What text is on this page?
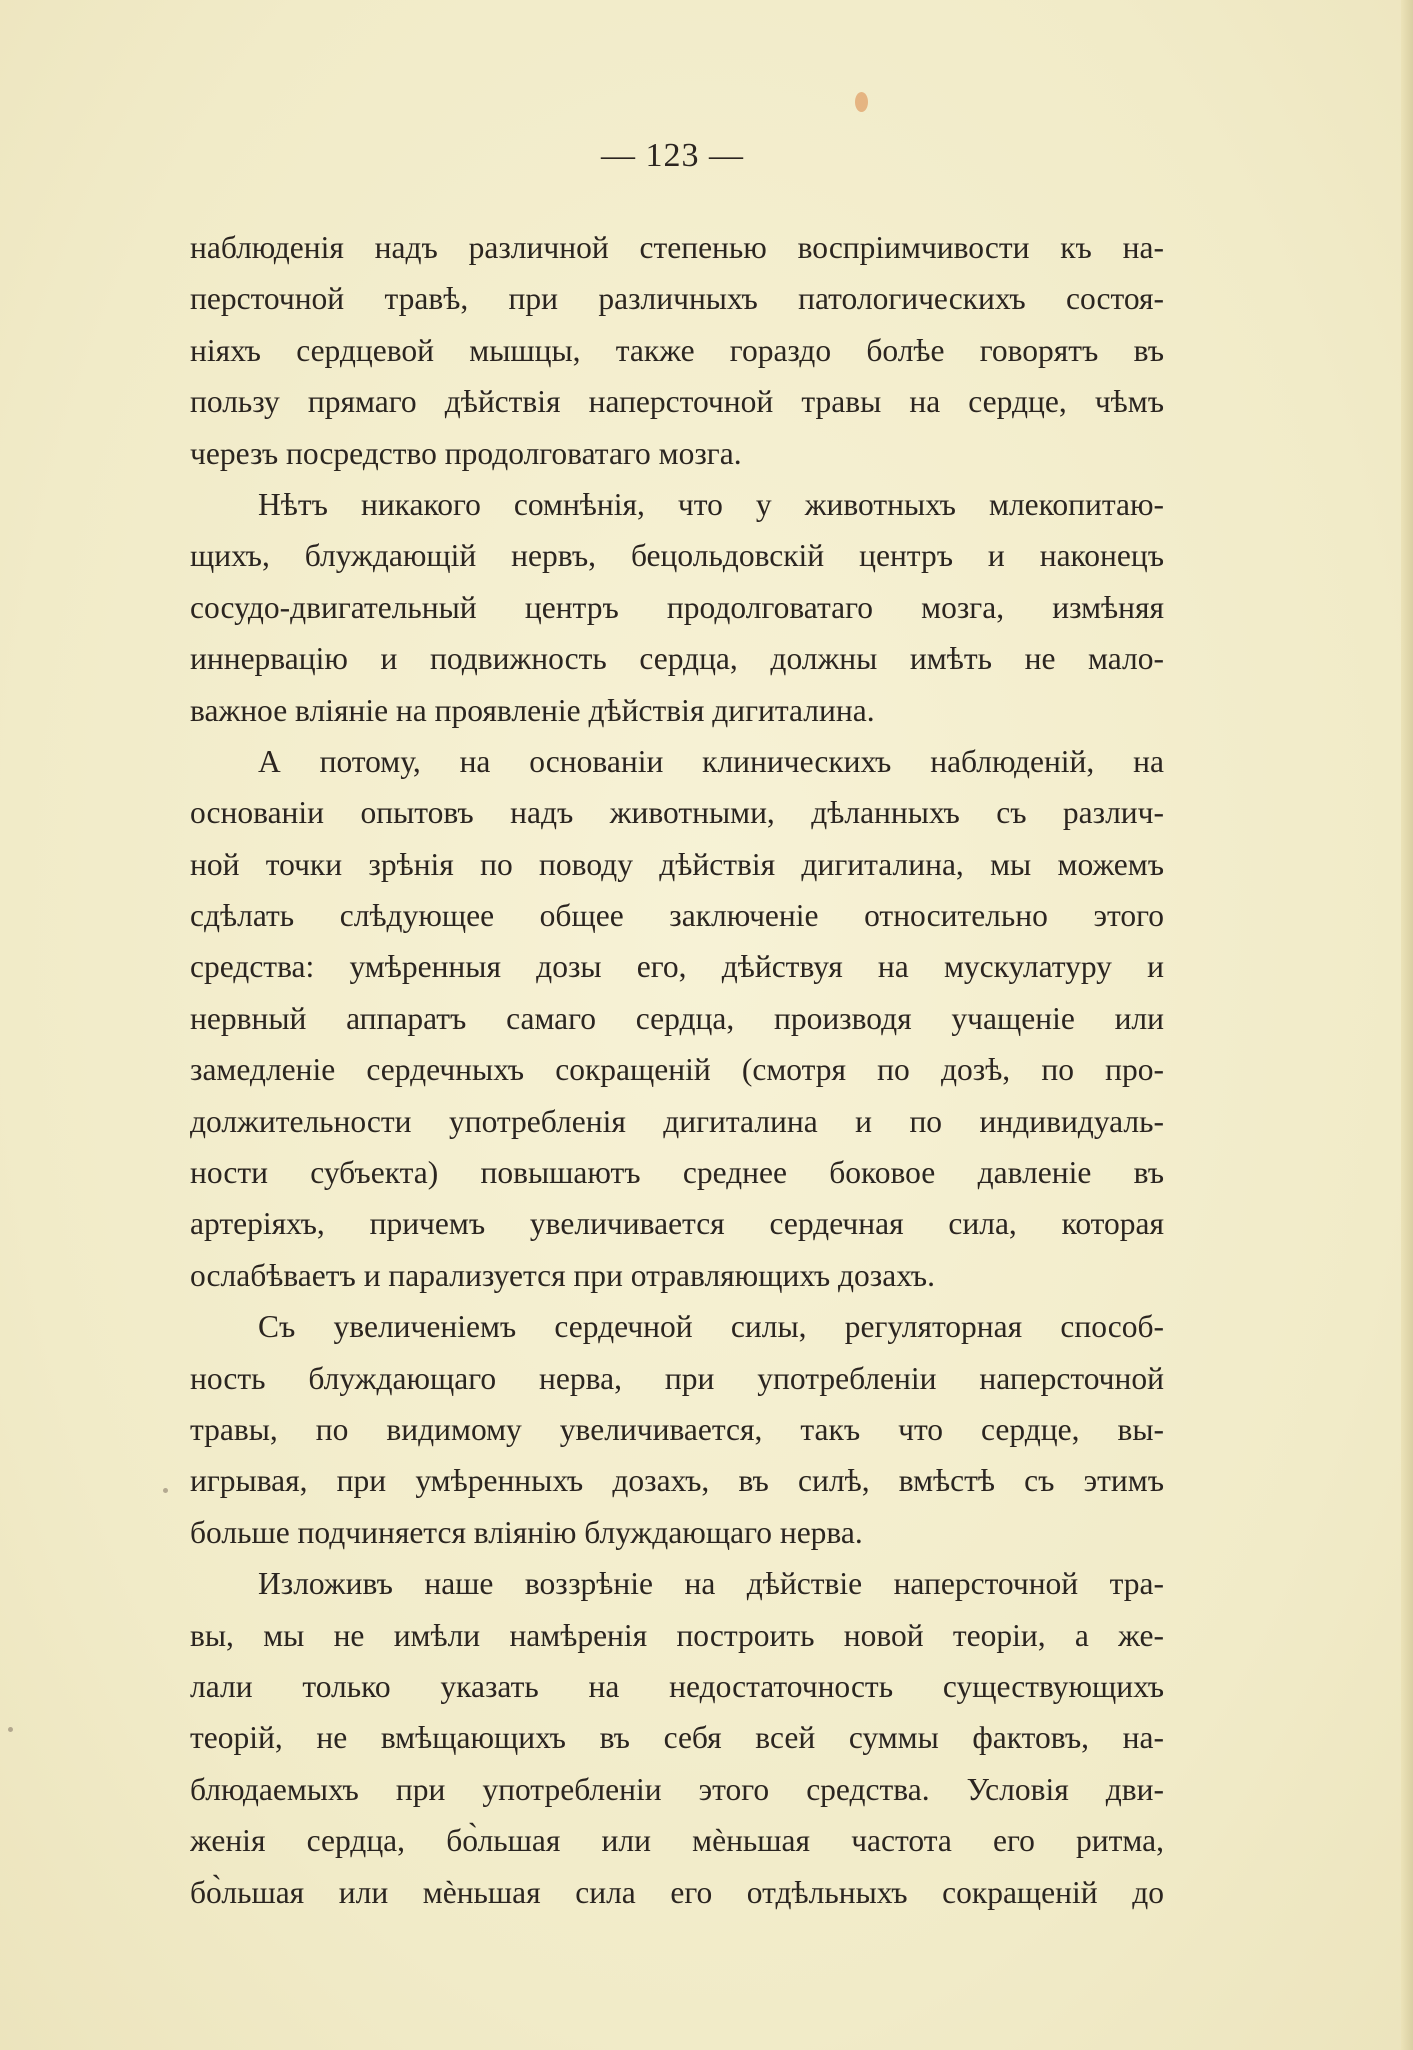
— 123 —
наблюденія надъ различной степенью воспріимчивости къ на-
персточной травѣ, при различныхъ патологическихъ состоя-
ніяхъ сердцевой мышцы, также гораздо болѣе говорятъ въ
пользу прямаго дѣйствія наперсточной травы на сердце, чѣмъ
черезъ посредство продолговатаго мозга.
Нѣтъ никакого сомнѣнія, что у животныхъ млекопитаю-
щихъ, блуждающій нервъ, бецольдовскій центръ и наконецъ
сосудо-двигательный центръ продолговатаго мозга, измѣняя
иннервацію и подвижность сердца, должны имѣть не мало-
важное вліяніе на проявленіе дѣйствія дигиталина.
А потому, на основаніи клиническихъ наблюденій, на
основаніи опытовъ надъ животными, дѣланныхъ съ различ-
ной точки зрѣнія по поводу дѣйствія дигиталина, мы можемъ
сдѣлать слѣдующее общее заключеніе относительно этого
средства: умѣренныя дозы его, дѣйствуя на мускулатуру и
нервный аппаратъ самаго сердца, производя учащеніе или
замедленіе сердечныхъ сокращеній (смотря по дозѣ, по про-
должительности употребленія дигиталина и по индивидуаль-
ности субъекта) повышаютъ среднее боковое давленіе въ
артеріяхъ, причемъ увеличивается сердечная сила, которая
ослабѣваетъ и парализуется при отравляющихъ дозахъ.
Съ увеличеніемъ сердечной силы, регуляторная способ-
ность блуждающаго нерва, при употребленіи наперсточной
травы, по видимому увеличивается, такъ что сердце, вы-
игрывая, при умѣренныхъ дозахъ, въ силѣ, вмѣстѣ съ этимъ
больше подчиняется вліянію блуждающаго нерва.
Изложивъ наше воззрѣніе на дѣйствіе наперсточной тра-
вы, мы не имѣли намѣренія построить новой теоріи, а же-
лали только указать на недостаточность существующихъ
теорій, не вмѣщающихъ въ себя всей суммы фактовъ, на-
блюдаемыхъ при употребленіи этого средства. Условія дви-
женія сердца, бо̀льшая или мѐньшая частота его ритма,
бо̀льшая или мѐньшая сила его отдѣльныхъ сокращеній до
